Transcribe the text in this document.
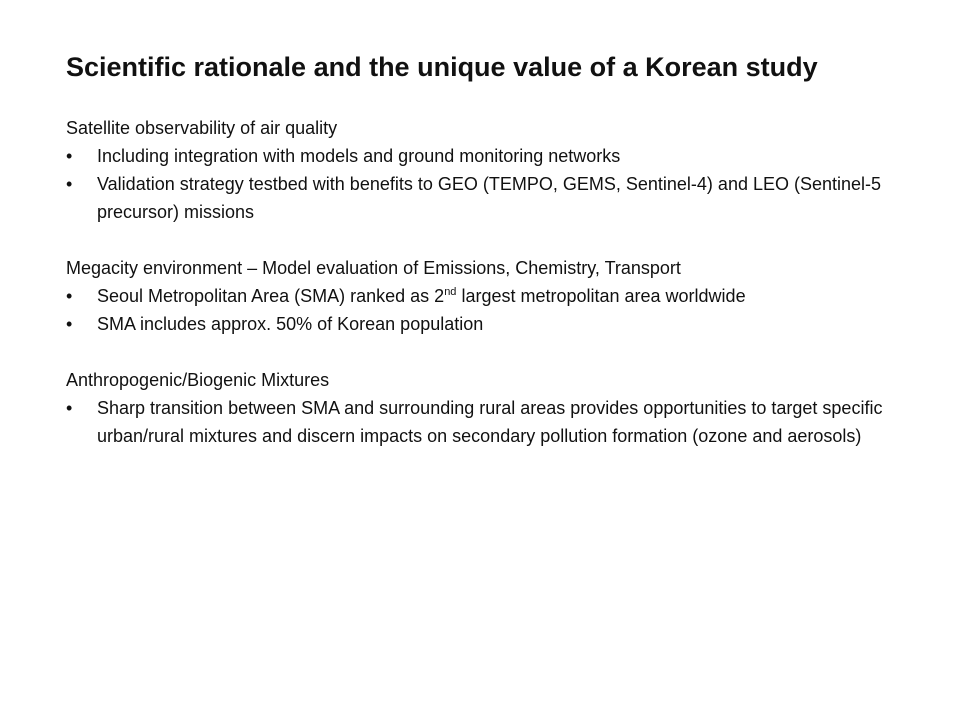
Scientific rationale and the unique value of a Korean study

Satellite observability of air quality

•	Including integration with models and ground monitoring networks
•	Validation strategy testbed with benefits to GEO (TEMPO, GEMS, Sentinel-4) and LEO (Sentinel-5 precursor) missions

Megacity environment – Model evaluation of Emissions, Chemistry, Transport

•	Seoul Metropolitan Area (SMA) ranked as 2nd largest metropolitan area worldwide
•	SMA includes approx. 50% of Korean population

Anthropogenic/Biogenic Mixtures

•	Sharp transition between SMA and surrounding rural areas provides opportunities to target specific urban/rural mixtures and discern impacts on secondary pollution formation (ozone and aerosols)
